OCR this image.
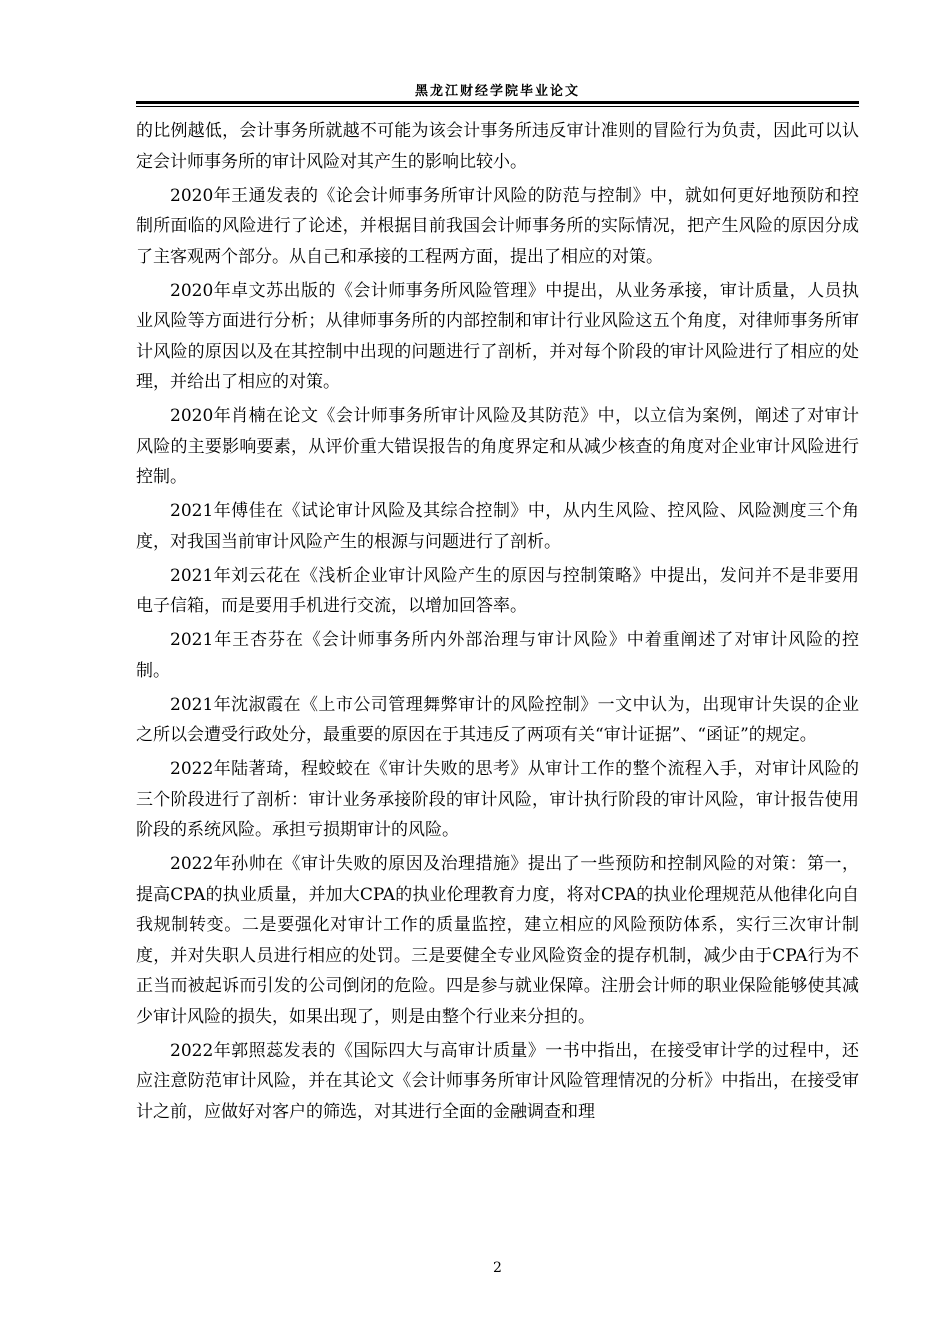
黑龙江财经学院毕业论文

的比例越低，会计事务所就越不可能为该会计事务所违反审计准则的冒险行为负责，因此可以认定会计师事务所的审计风险对其产生的影响比较小。

2020年王通发表的《论会计师事务所审计风险的防范与控制》中，就如何更好地预防和控制所面临的风险进行了论述，并根据目前我国会计师事务所的实际情况，把产生风险的原因分成了主客观两个部分。从自己和承接的工程两方面，提出了相应的对策。

2020年卓文苏出版的《会计师事务所风险管理》中提出，从业务承接，审计质量，人员执业风险等方面进行分析；从律师事务所的内部控制和审计行业风险这五个角度，对律师事务所审计风险的原因以及在其控制中出现的问题进行了剖析，并对每个阶段的审计风险进行了相应的处理，并给出了相应的对策。

2020年肖楠在论文《会计师事务所审计风险及其防范》中，以立信为案例，阐述了对审计风险的主要影响要素，从评价重大错误报告的角度界定和从减少核查的角度对企业审计风险进行控制。

2021年傅佳在《试论审计风险及其综合控制》中，从内生风险、控风险、风险测度三个角度，对我国当前审计风险产生的根源与问题进行了剖析。

2021年刘云花在《浅析企业审计风险产生的原因与控制策略》中提出，发问并不是非要用电子信箱，而是要用手机进行交流，以增加回答率。

2021年王杏芬在《会计师事务所内外部治理与审计风险》中着重阐述了对审计风险的控制。

2021年沈淑霞在《上市公司管理舞弊审计的风险控制》一文中认为，出现审计失误的企业之所以会遭受行政处分，最重要的原因在于其违反了两项有关“审计证据”、“函证”的规定。

2022年陆著琦，程蛟蛟在《审计失败的思考》从审计工作的整个流程入手，对审计风险的三个阶段进行了剖析：审计业务承接阶段的审计风险，审计执行阶段的审计风险，审计报告使用阶段的系统风险。承担亏损期审计的风险。

2022年孙帅在《审计失败的原因及治理措施》提出了一些预防和控制风险的对策：第一，提高CPA的执业质量，并加大CPA的执业伦理教育力度，将对CPA的执业伦理规范从他律化向自我规制转变。二是要强化对审计工作的质量监控，建立相应的风险预防体系，实行三次审计制度，并对失职人员进行相应的处罚。三是要健全专业风险资金的提存机制，减少由于CPA行为不正当而被起诉而引发的公司倒闭的危险。四是参与就业保障。注册会计师的职业保险能够使其减少审计风险的损失，如果出现了，则是由整个行业来分担的。

2022年郭照蕊发表的《国际四大与高审计质量》一书中指出，在接受审计学的过程中，还应注意防范审计风险，并在其论文《会计师事务所审计风险管理情况的分析》中指出，在接受审计之前，应做好对客户的筛选，对其进行全面的金融调查和理

2
